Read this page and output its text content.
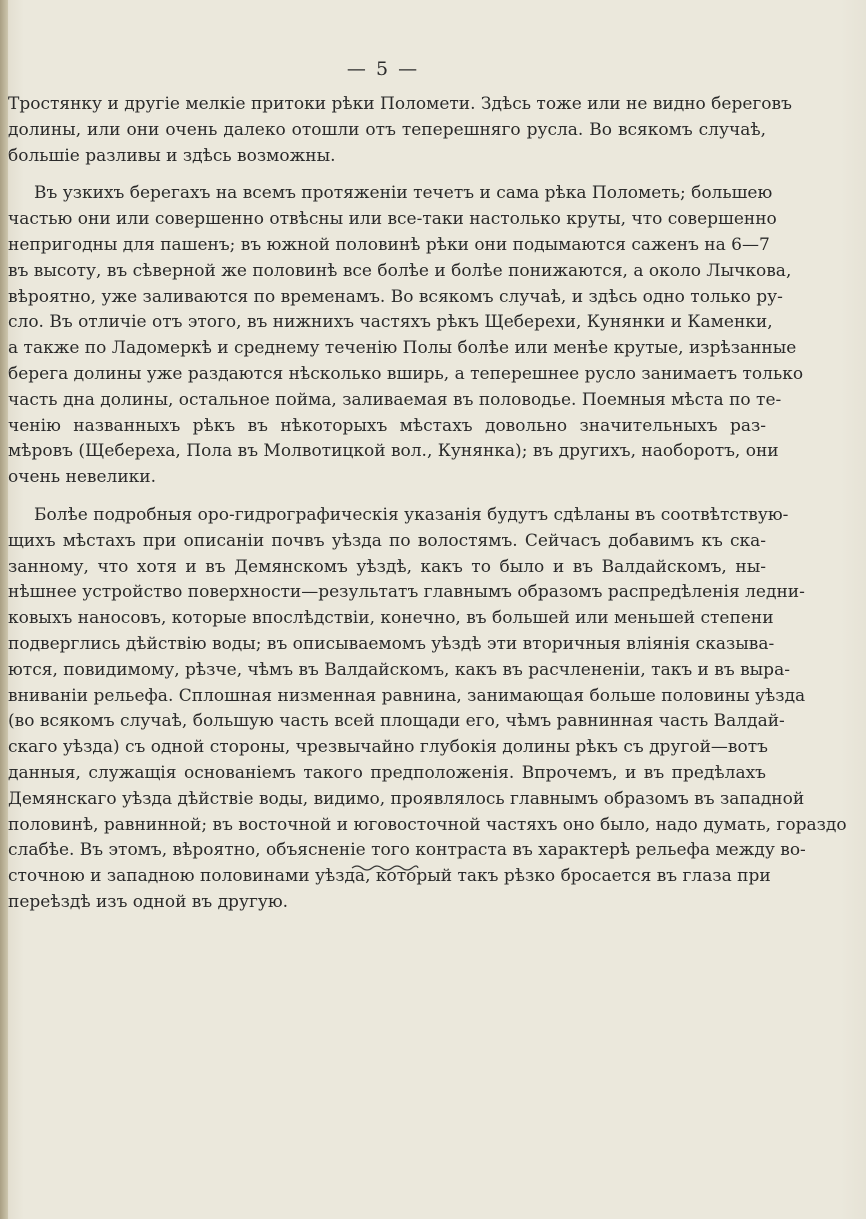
— 5 —
Тростянку и другіе мелкіе притоки рѣки Поломети. Здѣсь тоже или не видно береговъ
долины, или они очень далеко отошли отъ теперешняго русла. Во всякомъ случаѣ,
большіе разливы и здѣсь возможны.
Въ узкихъ берегахъ на всемъ протяженіи течетъ и сама рѣка Полометь; большею
частью они или совершенно отвѣсны или все-таки настолько круты, что совершенно
непригодны для пашенъ; въ южной половинѣ рѣки они подымаются саженъ на 6—7
въ высоту, въ сѣверной же половинѣ все болѣе и болѣе понижаются, а около Лычкова,
вѣроятно, уже заливаются по временамъ. Во всякомъ случаѣ, и здѣсь одно только ру-
сло. Въ отличіе отъ этого, въ нижнихъ частяхъ рѣкъ Щеберехи, Кунянки и Каменки,
а также по Ладомеркѣ и среднему теченію Полы болѣе или менѣе крутые, изрѣзанные
берега долины уже раздаются нѣсколько вширь, а теперешнее русло занимаетъ только
часть дна долины, остальное пойма, заливаемая въ половодье. Поемныя мѣста по те-
ченію названныхъ рѣкъ въ нѣкоторыхъ мѣстахъ довольно значительныхъ раз-
мѣровъ (Щебереха, Пола въ Молвотицкой вол., Кунянка); въ другихъ, наоборотъ, они
очень невелики.
Болѣе подробныя оро-гидрографическія указанія будутъ сдѣланы въ соотвѣтствую-
щихъ мѣстахъ при описаніи почвъ уѣзда по волостямъ. Сейчасъ добавимъ къ ска-
занному, что хотя и въ Демянскомъ уѣздѣ, какъ то было и въ Валдайскомъ, ны-
нѣшнее устройство поверхности—результатъ главнымъ образомъ распредѣленія ледни-
ковыхъ наносовъ, которые впослѣдствіи, конечно, въ большей или меньшей степени
подверглись дѣйствію воды; въ описываемомъ уѣздѣ эти вторичныя вліянія сказыва-
ются, повидимому, рѣзче, чѣмъ въ Валдайскомъ, какъ въ расчлененіи, такъ и въ выра-
вниваніи рельефа. Сплошная низменная равнина, занимающая больше половины уѣзда
(во всякомъ случаѣ, большую часть всей площади его, чѣмъ равнинная часть Валдай-
скаго уѣзда) съ одной стороны, чрезвычайно глубокія долины рѣкъ съ другой—вотъ
данныя, служащія основаніемъ такого предположенія. Впрочемъ, и въ предѣлахъ
Демянскаго уѣзда дѣйствіе воды, видимо, проявлялось главнымъ образомъ въ западной
половинѣ, равнинной; въ восточной и юговосточной частяхъ оно было, надо думать, гораздо
слабѣе. Въ этомъ, вѣроятно, объясненіе того контраста въ характерѣ рельефа между во-
сточною и западною половинами уѣзда, который такъ рѣзко бросается въ глаза при
переѣздѣ изъ одной въ другую.
